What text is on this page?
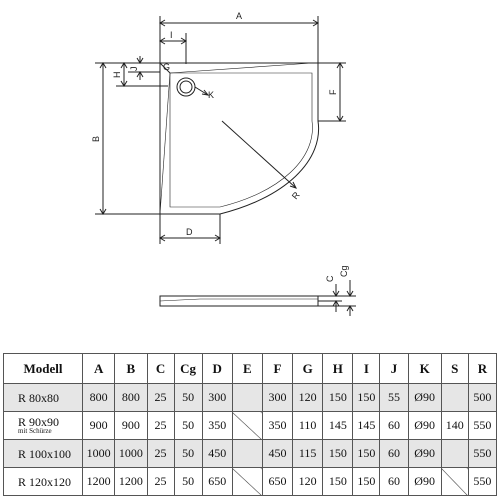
A
I
B
H
J	G
K	F
R
D
C
Cg
Modell	A	B	C	Cg	D	E	F	G	H	I	J	K	S	R

R 80x80	800	800	25	50	300		300	120	150	150	55	Ø90		500

R 90x90
mit Schürze	900	900	25	50	350		350	110	145	145	60	Ø90	140	550

R 100x100	1000	1000	25	50	450		450	115	150	150	60	Ø90		550

R 120x120	1200	1200	25	50	650		650	120	150	150	60	Ø90		550
